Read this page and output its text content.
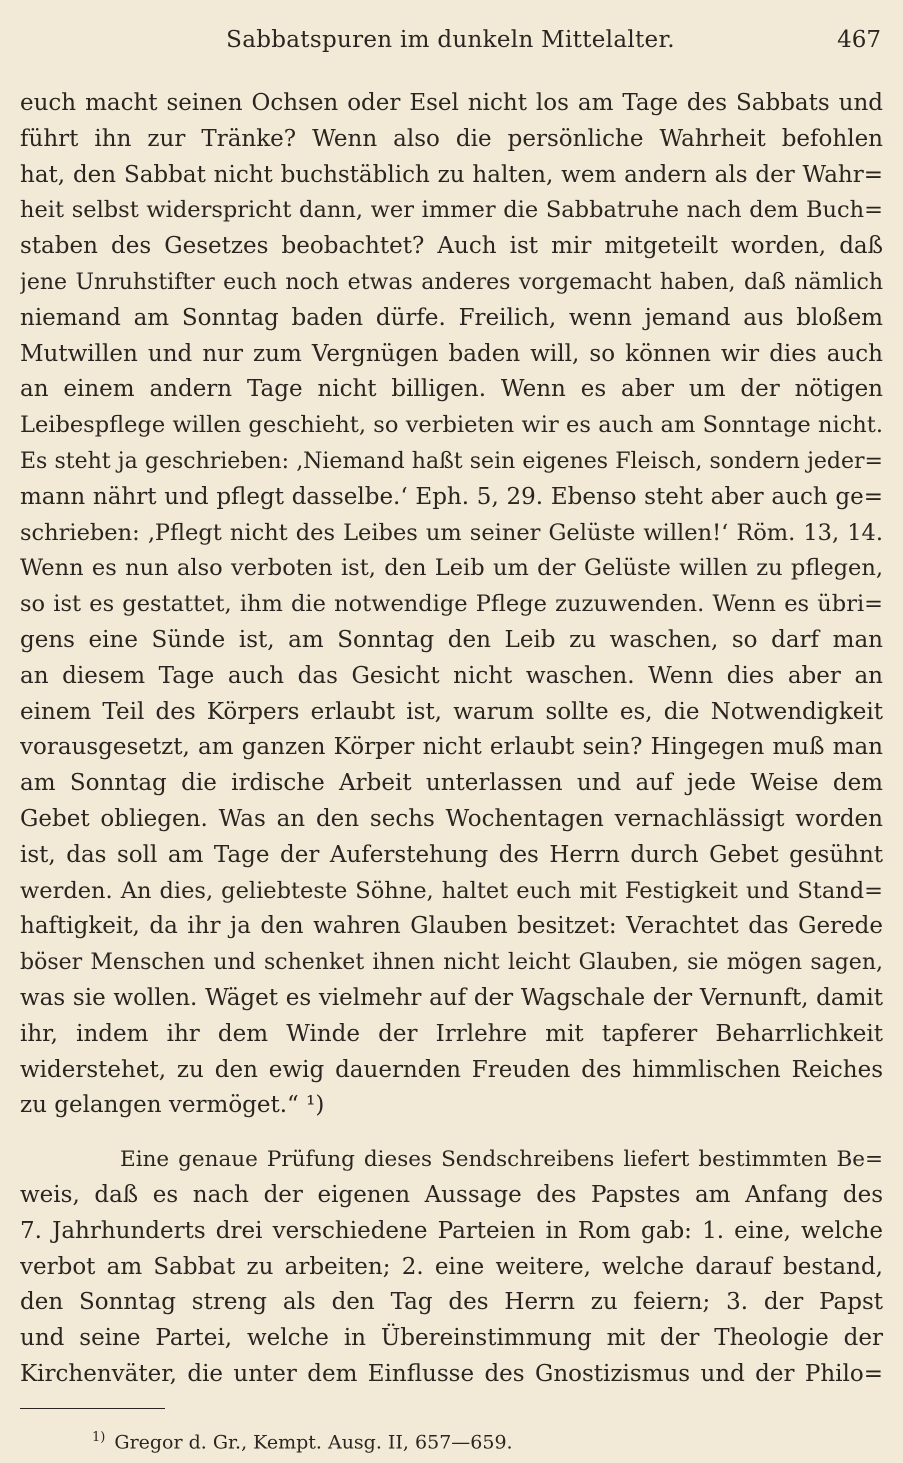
Sabbatspuren im dunkeln Mittelalter.	467
euch macht seinen Ochsen oder Esel nicht los am Tage des Sabbats und
führt ihn zur Tränke? Wenn also die persönliche Wahrheit befohlen
hat, den Sabbat nicht buchstäblich zu halten, wem andern als der Wahr=
heit selbst widerspricht dann, wer immer die Sabbatruhe nach dem Buch=
staben des Gesetzes beobachtet? Auch ist mir mitgeteilt worden, daß
jene Unruhstifter euch noch etwas anderes vorgemacht haben, daß nämlich
niemand am Sonntag baden dürfe. Freilich, wenn jemand aus bloßem
Mutwillen und nur zum Vergnügen baden will, so können wir dies auch
an einem andern Tage nicht billigen. Wenn es aber um der nötigen
Leibespflege willen geschieht, so verbieten wir es auch am Sonntage nicht.
Es steht ja geschrieben: ‚Niemand haßt sein eigenes Fleisch, sondern jeder=
mann nährt und pflegt dasselbe.‘ Eph. 5, 29. Ebenso steht aber auch ge=
schrieben: ‚Pflegt nicht des Leibes um seiner Gelüste willen!‘ Röm. 13, 14.
Wenn es nun also verboten ist, den Leib um der Gelüste willen zu pflegen,
so ist es gestattet, ihm die notwendige Pflege zuzuwenden. Wenn es übri=
gens eine Sünde ist, am Sonntag den Leib zu waschen, so darf man
an diesem Tage auch das Gesicht nicht waschen. Wenn dies aber an
einem Teil des Körpers erlaubt ist, warum sollte es, die Notwendigkeit
vorausgesetzt, am ganzen Körper nicht erlaubt sein? Hingegen muß man
am Sonntag die irdische Arbeit unterlassen und auf jede Weise dem
Gebet obliegen. Was an den sechs Wochentagen vernachlässigt worden
ist, das soll am Tage der Auferstehung des Herrn durch Gebet gesühnt
werden. An dies, geliebteste Söhne, haltet euch mit Festigkeit und Stand=
haftigkeit, da ihr ja den wahren Glauben besitzet: Verachtet das Gerede
böser Menschen und schenket ihnen nicht leicht Glauben, sie mögen sagen,
was sie wollen. Wäget es vielmehr auf der Wagschale der Vernunft, damit
ihr, indem ihr dem Winde der Irrlehre mit tapferer Beharrlichkeit
widerstehet, zu den ewig dauernden Freuden des himmlischen Reiches
zu gelangen vermöget.“ ¹)
Eine genaue Prüfung dieses Sendschreibens liefert bestimmten Be=
weis, daß es nach der eigenen Aussage des Papstes am Anfang des
7. Jahrhunderts drei verschiedene Parteien in Rom gab: 1. eine, welche
verbot am Sabbat zu arbeiten; 2. eine weitere, welche darauf bestand,
den Sonntag streng als den Tag des Herrn zu feiern; 3. der Papst
und seine Partei, welche in Übereinstimmung mit der Theologie der
Kirchenväter, die unter dem Einflusse des Gnostizismus und der Philo=
$^{1)}$ Gregor d. Gr., Kempt. Ausg. II, 657—659.
